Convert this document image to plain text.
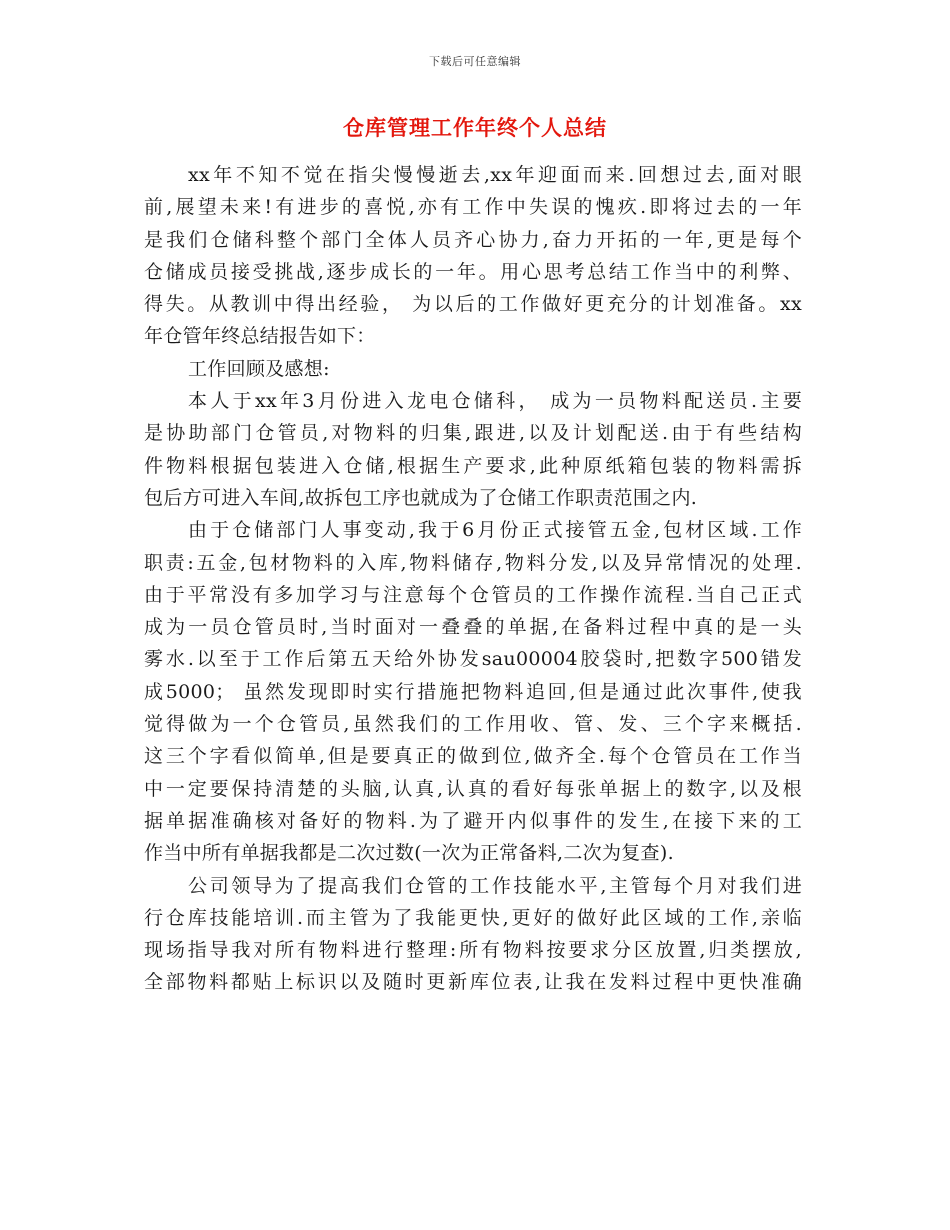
下载后可任意编辑
仓库管理工作年终个人总结
xx年不知不觉在指尖慢慢逝去,xx年迎面而来.回想过去,面对眼
前,展望未来!有进步的喜悦,亦有工作中失误的愧疚.即将过去的一年
是我们仓储科整个部门全体人员齐心协力,奋力开拓的一年,更是每个
仓储成员接受挑战,逐步成长的一年。用心思考总结工作当中的利弊、
得失。从教训中得出经验， 为以后的工作做好更充分的计划准备。xx
年仓管年终总结报告如下：
工作回顾及感想:
本人于xx年3月份进入龙电仓储科， 成为一员物料配送员.主要
是协助部门仓管员,对物料的归集,跟进,以及计划配送.由于有些结构
件物料根据包装进入仓储,根据生产要求,此种原纸箱包装的物料需拆
包后方可进入车间,故拆包工序也就成为了仓储工作职责范围之内.
由于仓储部门人事变动,我于6月份正式接管五金,包材区域.工作
职责:五金,包材物料的入库,物料储存,物料分发,以及异常情况的处理.
由于平常没有多加学习与注意每个仓管员的工作操作流程.当自己正式
成为一员仓管员时,当时面对一叠叠的单据,在备料过程中真的是一头
雾水.以至于工作后第五天给外协发sau00004胶袋时,把数字500错发
成5000； 虽然发现即时实行措施把物料追回,但是通过此次事件,使我
觉得做为一个仓管员,虽然我们的工作用收、管、发、三个字来概括.
这三个字看似简单,但是要真正的做到位,做齐全.每个仓管员在工作当
中一定要保持清楚的头脑,认真,认真的看好每张单据上的数字,以及根
据单据准确核对备好的物料.为了避开内似事件的发生,在接下来的工
作当中所有单据我都是二次过数(一次为正常备料,二次为复查).
公司领导为了提高我们仓管的工作技能水平,主管每个月对我们进
行仓库技能培训.而主管为了我能更快,更好的做好此区域的工作,亲临
现场指导我对所有物料进行整理:所有物料按要求分区放置,归类摆放,
全部物料都贴上标识以及随时更新库位表,让我在发料过程中更快准确
